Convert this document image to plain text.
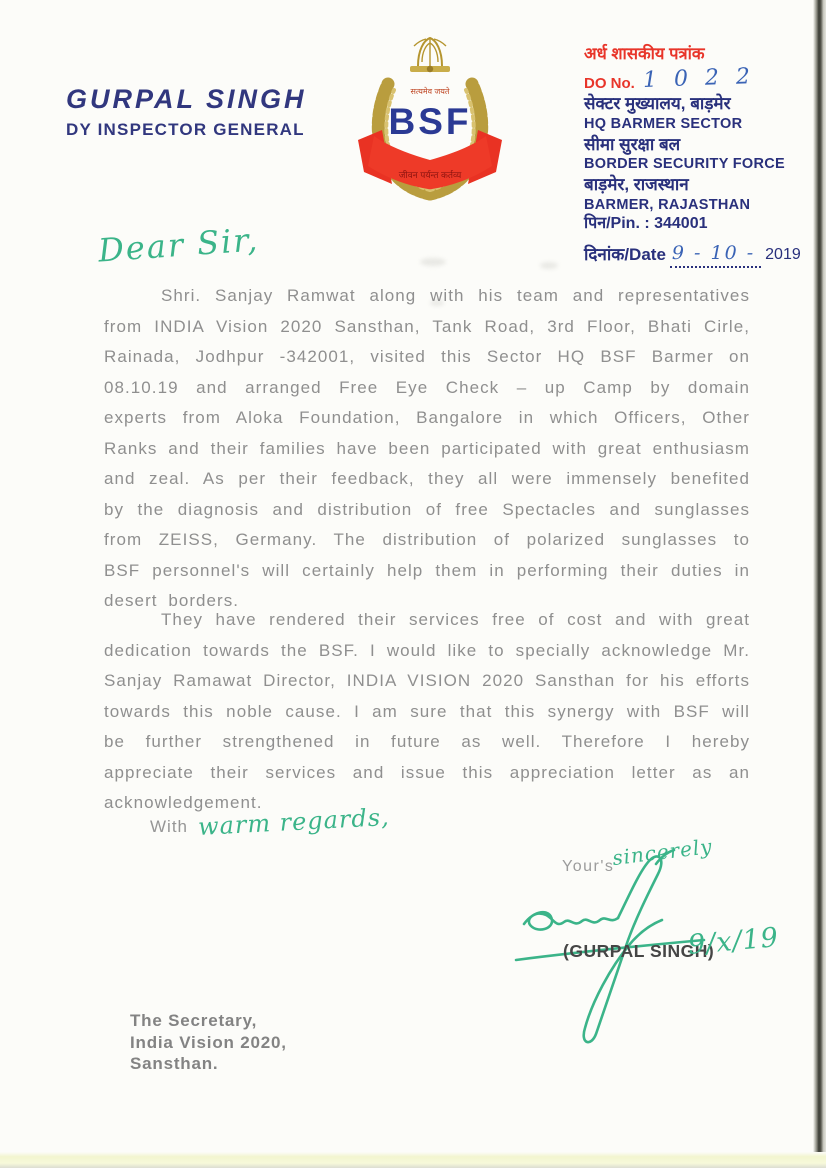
GURPAL SINGH
DY INSPECTOR GENERAL
सत्यमेव जयते
BSF
जीवन पर्यन्त कर्तव्य
अर्ध शासकीय पत्रांक
DO No. 1 0 2 2
सेक्टर मुख्यालय, बाड़मेर
HQ BARMER SECTOR
सीमा सुरक्षा बल
BORDER SECURITY FORCE
बाड़मेर, राजस्थान
BARMER, RAJASTHAN
पिन/Pin. : 344001
दिनांक/Date 9 - 10 - 2019
Dear Sir,
Shri. Sanjay Ramwat along with his team and representatives from INDIA Vision 2020 Sansthan, Tank Road, 3rd Floor, Bhati Cirle, Rainada, Jodhpur -342001, visited this Sector HQ BSF Barmer on 08.10.19 and arranged Free Eye Check – up Camp by domain experts from Aloka Foundation, Bangalore in which Officers, Other Ranks and their families have been participated with great enthusiasm and zeal. As per their feedback, they all were immensely benefited by the diagnosis and distribution of free Spectacles and sunglasses from ZEISS, Germany. The distribution of polarized sunglasses to BSF personnel's will certainly help them in performing their duties in desert borders.
They have rendered their services free of cost and with great dedication towards the BSF. I would like to specially acknowledge Mr. Sanjay Ramawat Director, INDIA VISION 2020 Sansthan for his efforts towards this noble cause. I am sure that this synergy with BSF will be further strengthened in future as well. Therefore I hereby appreciate their services and issue this appreciation letter as an acknowledgement.
With warm regards,
Your's
sincerely
(GURPAL SINGH)
9/x/19
The Secretary,
India Vision 2020,
Sansthan.
